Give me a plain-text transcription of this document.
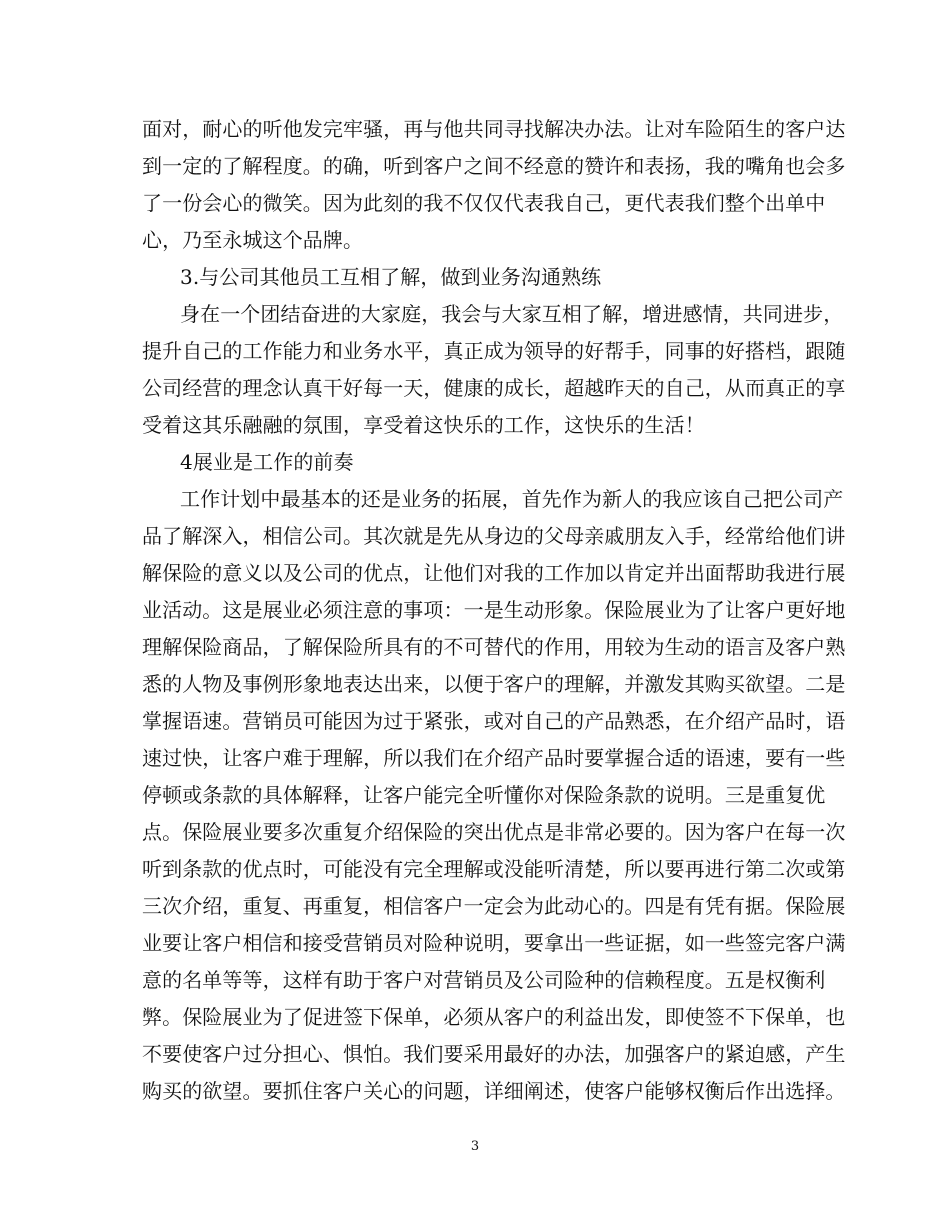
面对，耐心的听他发完牢骚，再与他共同寻找解决办法。让对车险陌生的客户达
到一定的了解程度。的确，听到客户之间不经意的赞许和表扬，我的嘴角也会多
了一份会心的微笑。因为此刻的我不仅仅代表我自己，更代表我们整个出单中
心，乃至永城这个品牌。
3.与公司其他员工互相了解，做到业务沟通熟练
身在一个团结奋进的大家庭，我会与大家互相了解，增进感情，共同进步，
提升自己的工作能力和业务水平，真正成为领导的好帮手，同事的好搭档，跟随
公司经营的理念认真干好每一天，健康的成长，超越昨天的自己，从而真正的享
受着这其乐融融的氛围，享受着这快乐的工作，这快乐的生活！
4展业是工作的前奏
工作计划中最基本的还是业务的拓展，首先作为新人的我应该自己把公司产
品了解深入，相信公司。其次就是先从身边的父母亲戚朋友入手，经常给他们讲
解保险的意义以及公司的优点，让他们对我的工作加以肯定并出面帮助我进行展
业活动。这是展业必须注意的事项：一是生动形象。保险展业为了让客户更好地
理解保险商品，了解保险所具有的不可替代的作用，用较为生动的语言及客户熟
悉的人物及事例形象地表达出来，以便于客户的理解，并激发其购买欲望。二是
掌握语速。营销员可能因为过于紧张，或对自己的产品熟悉，在介绍产品时，语
速过快，让客户难于理解，所以我们在介绍产品时要掌握合适的语速，要有一些
停顿或条款的具体解释，让客户能完全听懂你对保险条款的说明。三是重复优
点。保险展业要多次重复介绍保险的突出优点是非常必要的。因为客户在每一次
听到条款的优点时，可能没有完全理解或没能听清楚，所以要再进行第二次或第
三次介绍，重复、再重复，相信客户一定会为此动心的。四是有凭有据。保险展
业要让客户相信和接受营销员对险种说明，要拿出一些证据，如一些签完客户满
意的名单等等，这样有助于客户对营销员及公司险种的信赖程度。五是权衡利
弊。保险展业为了促进签下保单，必须从客户的利益出发，即使签不下保单，也
不要使客户过分担心、惧怕。我们要采用最好的办法，加强客户的紧迫感，产生
购买的欲望。要抓住客户关心的问题，详细阐述，使客户能够权衡后作出选择。
3
